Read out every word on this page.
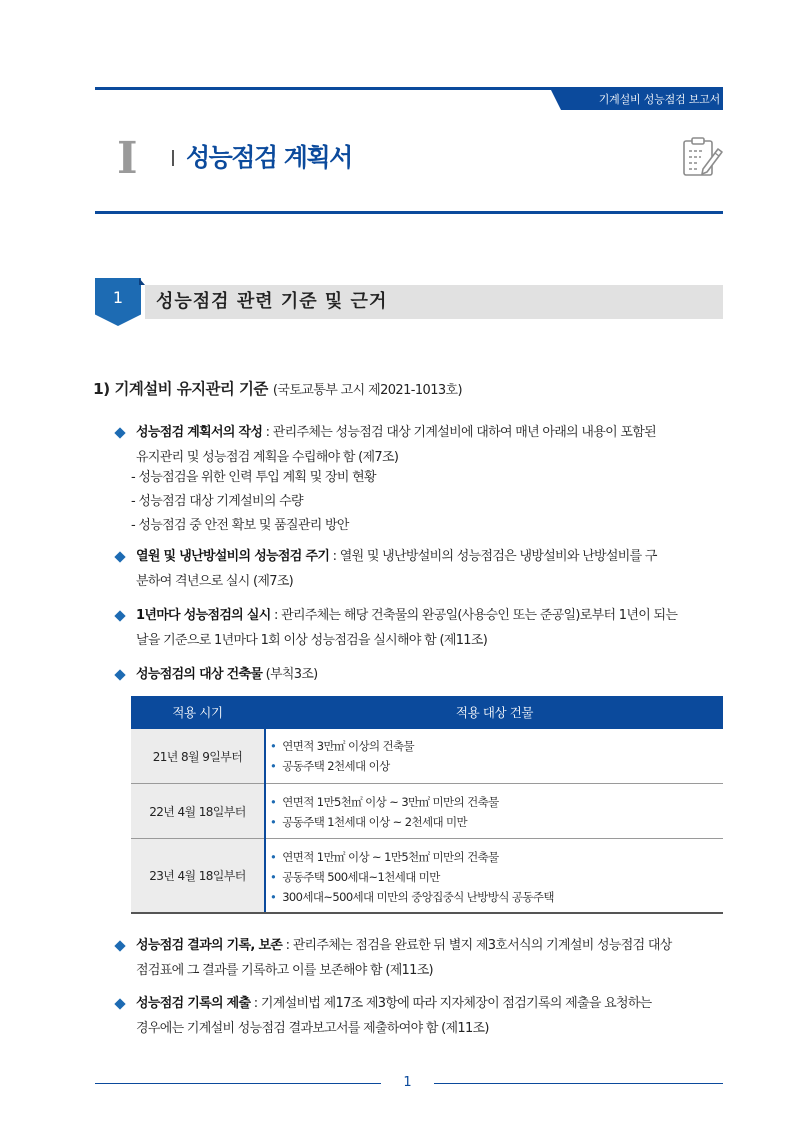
기계설비 성능점검 보고서
I 성능점검 계획서
1	성능점검 관련 기준 및 근거
1) 기계설비 유지관리 기준 (국토교통부 고시 제2021-1013호)
성능점검 계획서의 작성 : 관리주체는 성능점검 대상 기계설비에 대하여 매년 아래의 내용이 포함된
유지관리 및 성능점검 계획을 수립해야 함 (제7조)
- 성능점검을 위한 인력 투입 계획 및 장비 현황
- 성능점검 대상 기계설비의 수량
- 성능점검 중 안전 확보 및 품질관리 방안
열원 및 냉난방설비의 성능점검 주기 : 열원 및 냉난방설비의 성능점검은 냉방설비와 난방설비를 구
분하여 격년으로 실시 (제7조)
1년마다 성능점검의 실시 : 관리주체는 해당 건축물의 완공일(사용승인 또는 준공일)로부터 1년이 되는
날을 기준으로 1년마다 1회 이상 성능점검을 실시해야 함 (제11조)
성능점검의 대상 건축물 (부칙3조)
적용 시기	적용 대상 건물
21년 8월 9일부터
• 연면적 3만㎡ 이상의 건축물
• 공동주택 2천세대 이상
22년 4월 18일부터
• 연면적 1만5천㎡ 이상 ~ 3만㎡ 미만의 건축물
• 공동주택 1천세대 이상 ~ 2천세대 미만
23년 4월 18일부터
• 연면적 1만㎡ 이상 ~ 1만5천㎡ 미만의 건축물
• 공동주택 500세대~1천세대 미만
• 300세대~500세대 미만의 중앙집중식 난방방식 공동주택
성능점검 결과의 기록, 보존 : 관리주체는 점검을 완료한 뒤 별지 제3호서식의 기계설비 성능점검 대상
점검표에 그 결과를 기록하고 이를 보존해야 함 (제11조)
성능점검 기록의 제출 : 기계설비법 제17조 제3항에 따라 지자체장이 점검기록의 제출을 요청하는
경우에는 기계설비 성능점검 결과보고서를 제출하여야 함 (제11조)
1
